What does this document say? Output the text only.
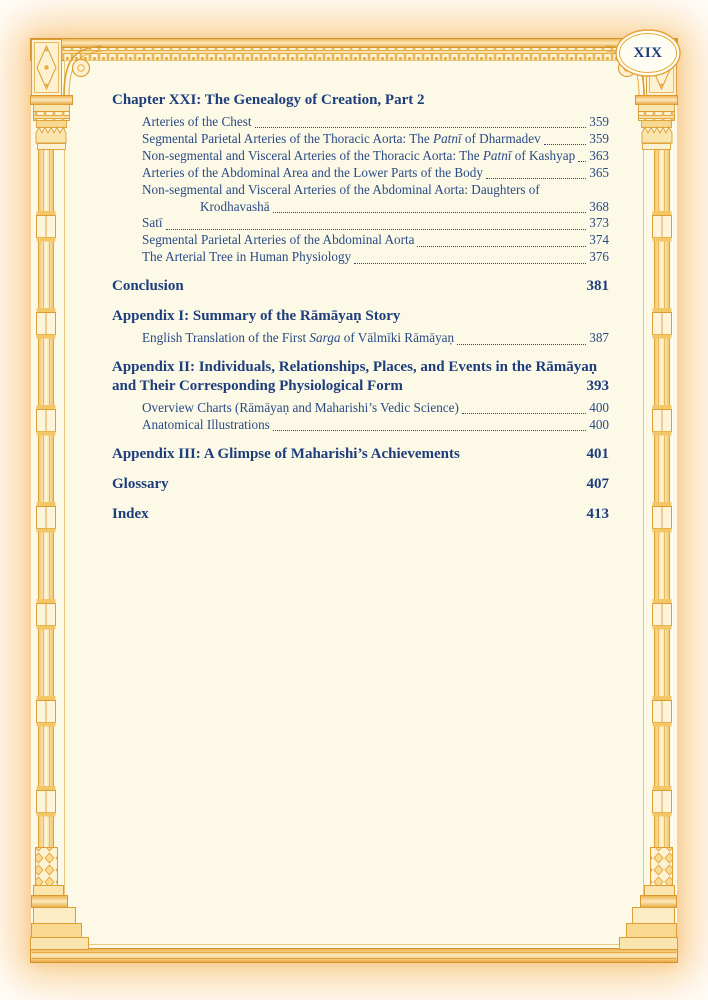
XIX
Chapter XXI: The Genealogy of Creation, Part 2
Arteries of the Chest	359
Segmental Parietal Arteries of the Thoracic Aorta: The Patnī of Dharmadev	359
Non-segmental and Visceral Arteries of the Thoracic Aorta: The Patnī of Kashyap 363
Arteries of the Abdominal Area and the Lower Parts of the Body	365
Non-segmental and Visceral Arteries of the Abdominal Aorta: Daughters of
Krodhavashā	368
Satī	373
Segmental Parietal Arteries of the Abdominal Aorta	374
The Arterial Tree in Human Physiology	376
Conclusion	381
Appendix I: Summary of the Rāmāyaṇ Story
English Translation of the First Sarga of Vālmīki Rāmāyaṇ	387
Appendix II: Individuals, Relationships, Places, and Events in the Rāmāyaṇ
and Their Corresponding Physiological Form	393
Overview Charts (Rāmāyaṇ and Maharishi’s Vedic Science)	400
Anatomical Illustrations	400
Appendix III: A Glimpse of Maharishi’s Achievements	401
Glossary	407
Index	413
